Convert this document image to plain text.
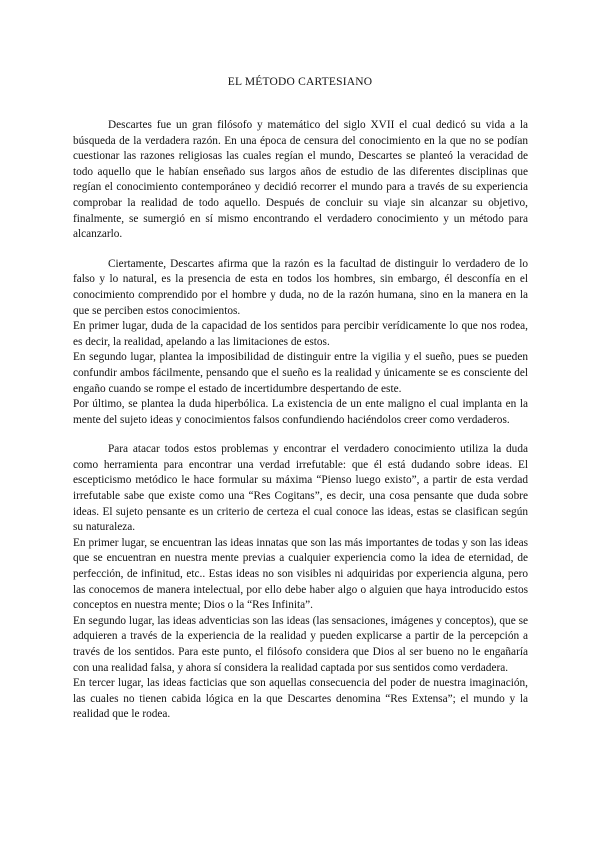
EL MÉTODO CARTESIANO

Descartes fue un gran filósofo y matemático del siglo XVII el cual dedicó su vida a la búsqueda de la verdadera razón. En una época de censura del conocimiento en la que no se podían cuestionar las razones religiosas las cuales regían el mundo, Descartes se planteó la veracidad de todo aquello que le habían enseñado sus largos años de estudio de las diferentes disciplinas que regían el conocimiento contemporáneo y decidió recorrer el mundo para a través de su experiencia comprobar la realidad de todo aquello. Después de concluir su viaje sin alcanzar su objetivo, finalmente, se sumergió en sí mismo encontrando el verdadero conocimiento y un método para alcanzarlo.

Ciertamente, Descartes afirma que la razón es la facultad de distinguir lo verdadero de lo falso y lo natural, es la presencia de esta en todos los hombres, sin embargo, él desconfía en el conocimiento comprendido por el hombre y duda, no de la razón humana, sino en la manera en la que se perciben estos conocimientos.

En primer lugar, duda de la capacidad de los sentidos para percibir verídicamente lo que nos rodea, es decir, la realidad, apelando a las limitaciones de estos.

En segundo lugar, plantea la imposibilidad de distinguir entre la vigilia y el sueño, pues se pueden confundir ambos fácilmente, pensando que el sueño es la realidad y únicamente se es consciente del engaño cuando se rompe el estado de incertidumbre despertando de este.

Por último, se plantea la duda hiperbólica. La existencia de un ente maligno el cual implanta en la mente del sujeto ideas y conocimientos falsos confundiendo haciéndolos creer como verdaderos.

Para atacar todos estos problemas y encontrar el verdadero conocimiento utiliza la duda como herramienta para encontrar una verdad irrefutable: que él está dudando sobre ideas. El escepticismo metódico le hace formular su máxima “Pienso luego existo”, a partir de esta verdad irrefutable sabe que existe como una “Res Cogitans”, es decir, una cosa pensante que duda sobre ideas. El sujeto pensante es un criterio de certeza el cual conoce las ideas, estas se clasifican según su naturaleza.

En primer lugar, se encuentran las ideas innatas que son las más importantes de todas y son las ideas que se encuentran en nuestra mente previas a cualquier experiencia como la idea de eternidad, de perfección, de infinitud, etc.. Estas ideas no son visibles ni adquiridas por experiencia alguna, pero las conocemos de manera intelectual, por ello debe haber algo o alguien que haya introducido estos conceptos en nuestra mente; Dios o la “Res Infinita”.

En segundo lugar, las ideas adventicias son las ideas (las sensaciones, imágenes y conceptos), que se adquieren a través de la experiencia de la realidad y pueden explicarse a partir de la percepción a través de los sentidos. Para este punto, el filósofo considera que Dios al ser bueno no le engañaría con una realidad falsa, y ahora sí considera la realidad captada por sus sentidos como verdadera.

En tercer lugar, las ideas facticias que son aquellas consecuencia del poder de nuestra imaginación, las cuales no tienen cabida lógica en la que Descartes denomina “Res Extensa”; el mundo y la realidad que le rodea.
